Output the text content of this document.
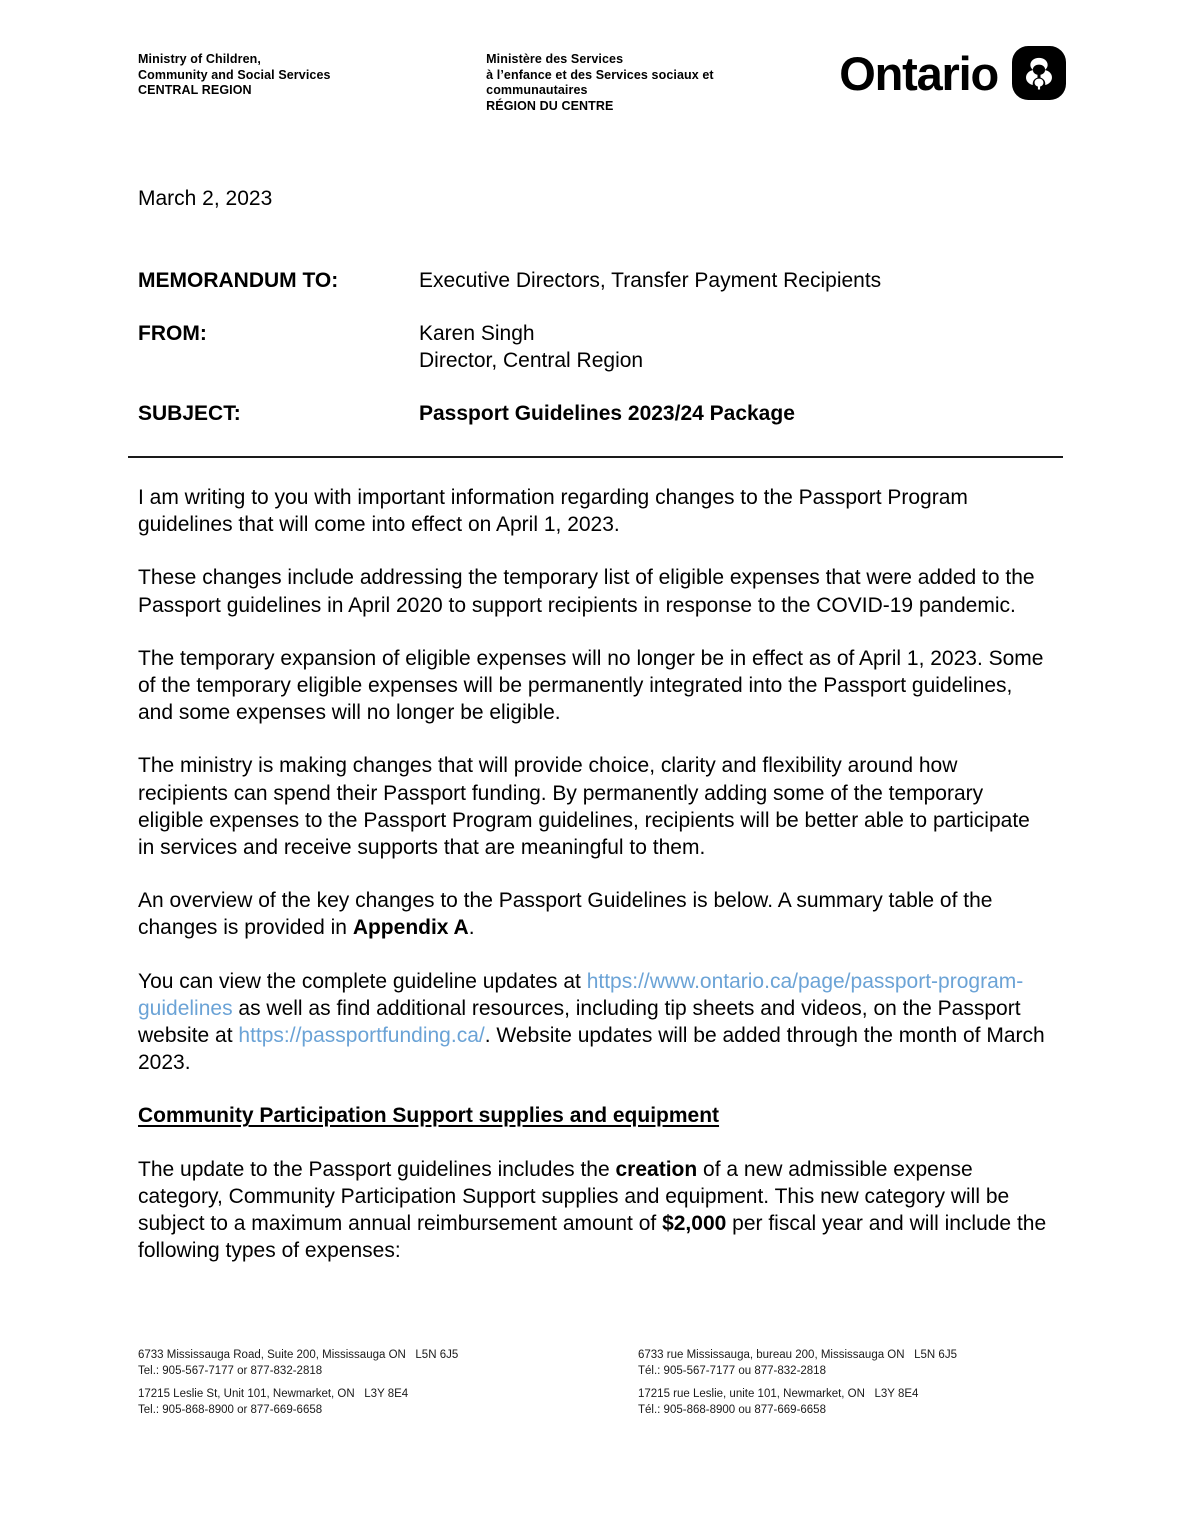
Ministry of Children,
Community and Social Services
CENTRAL REGION
Ministère des Services
à l’enfance et des Services sociaux et
communautaires
RÉGION DU CENTRE
Ontario
March 2, 2023
MEMORANDUM TO:	Executive Directors, Transfer Payment Recipients
FROM:	Karen Singh
Director, Central Region
SUBJECT:	Passport Guidelines 2023/24 Package

I am writing to you with important information regarding changes to the Passport Program guidelines that will come into effect on April 1, 2023.

These changes include addressing the temporary list of eligible expenses that were added to the Passport guidelines in April 2020 to support recipients in response to the COVID-19 pandemic.

The temporary expansion of eligible expenses will no longer be in effect as of April 1, 2023. Some of the temporary eligible expenses will be permanently integrated into the Passport guidelines, and some expenses will no longer be eligible.

The ministry is making changes that will provide choice, clarity and flexibility around how recipients can spend their Passport funding. By permanently adding some of the temporary eligible expenses to the Passport Program guidelines, recipients will be better able to participate in services and receive supports that are meaningful to them.

An overview of the key changes to the Passport Guidelines is below. A summary table of the changes is provided in Appendix A.

You can view the complete guideline updates at https://www.ontario.ca/page/passport-program-guidelines as well as find additional resources, including tip sheets and videos, on the Passport website at https://passportfunding.ca/. Website updates will be added through the month of March 2023.

Community Participation Support supplies and equipment

The update to the Passport guidelines includes the creation of a new admissible expense category, Community Participation Support supplies and equipment. This new category will be subject to a maximum annual reimbursement amount of $2,000 per fiscal year and will include the following types of expenses:

6733 Mississauga Road, Suite 200, Mississauga ON   L5N 6J5
Tel.: 905-567-7177 or 877-832-2818
17215 Leslie St, Unit 101, Newmarket, ON   L3Y 8E4
Tel.: 905-868-8900 or 877-669-6658
6733 rue Mississauga, bureau 200, Mississauga ON   L5N 6J5
Tél.: 905-567-7177 ou 877-832-2818
17215 rue Leslie, unite 101, Newmarket, ON   L3Y 8E4
Tél.: 905-868-8900 ou 877-669-6658
